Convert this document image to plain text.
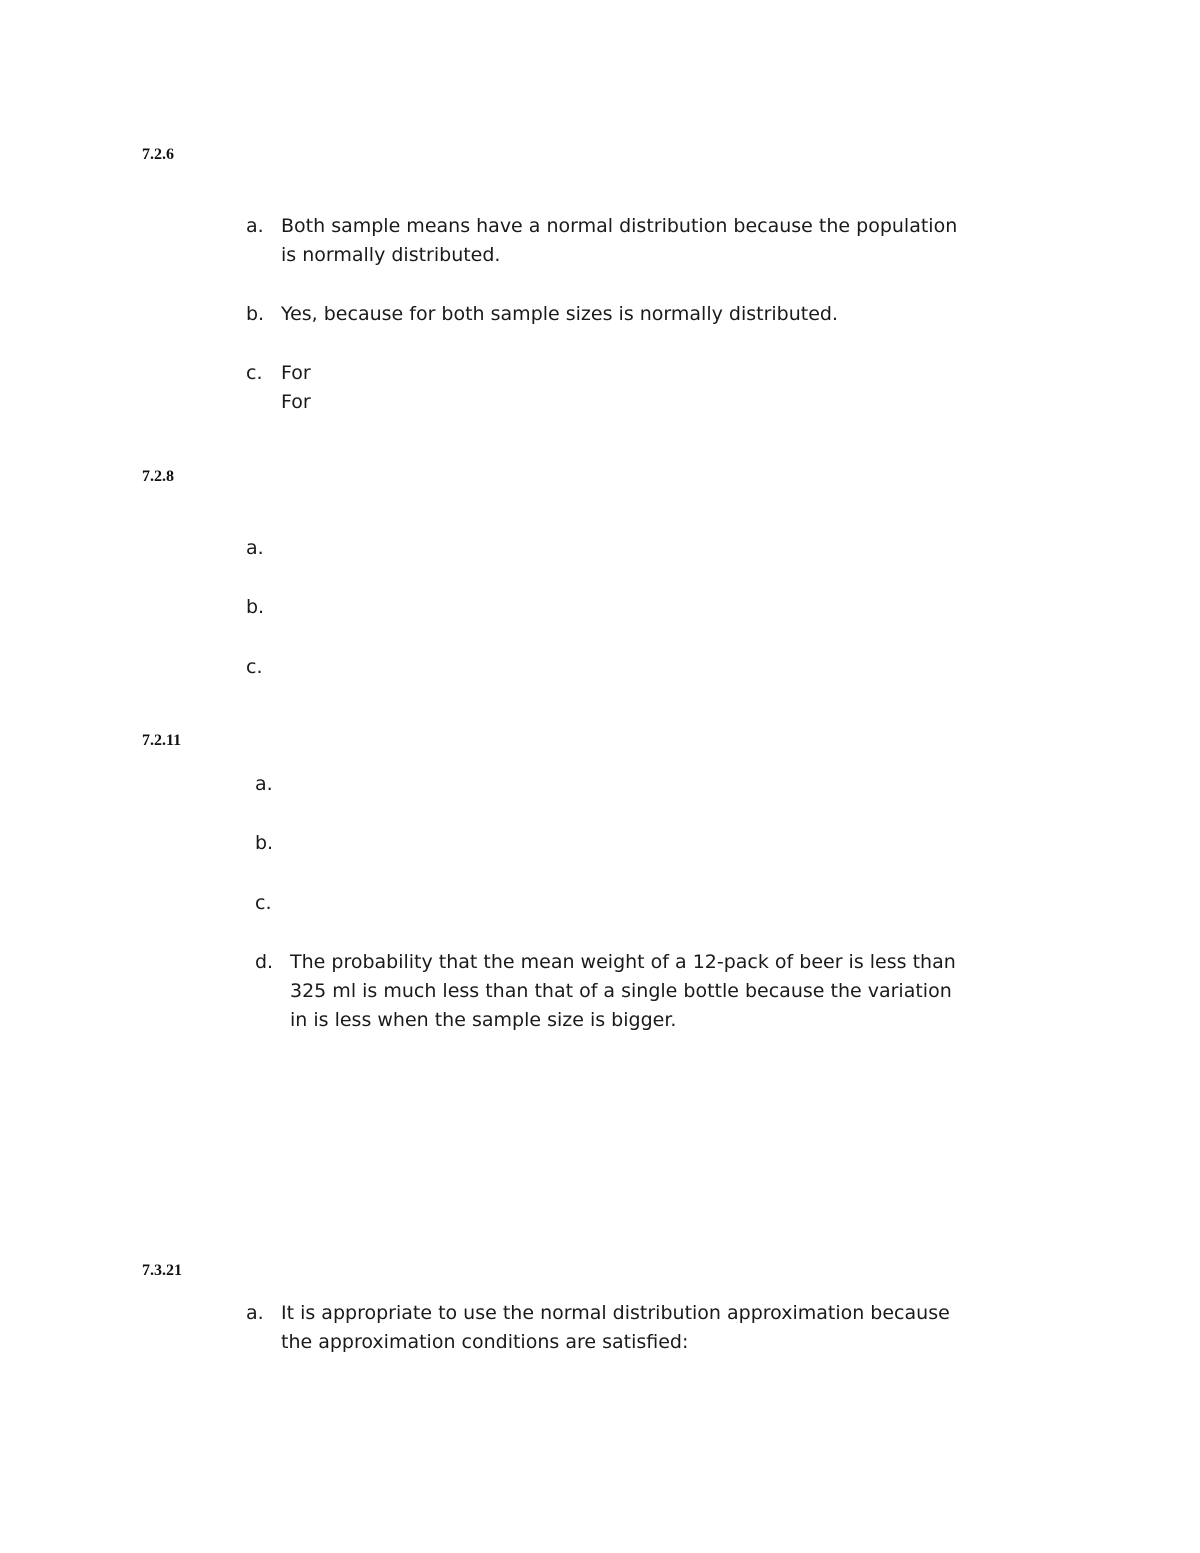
7.2.6
a. Both sample means have a normal distribution because the population
is normally distributed.
b. Yes, because for both sample sizes is normally distributed.
c. For
For
7.2.8
a.
b.
c.
7.2.11
a.
b.
c.
d. The probability that the mean weight of a 12-pack of beer is less than
325 ml is much less than that of a single bottle because the variation
in is less when the sample size is bigger.
7.3.21
a. It is appropriate to use the normal distribution approximation because
the approximation conditions are satisfied:
